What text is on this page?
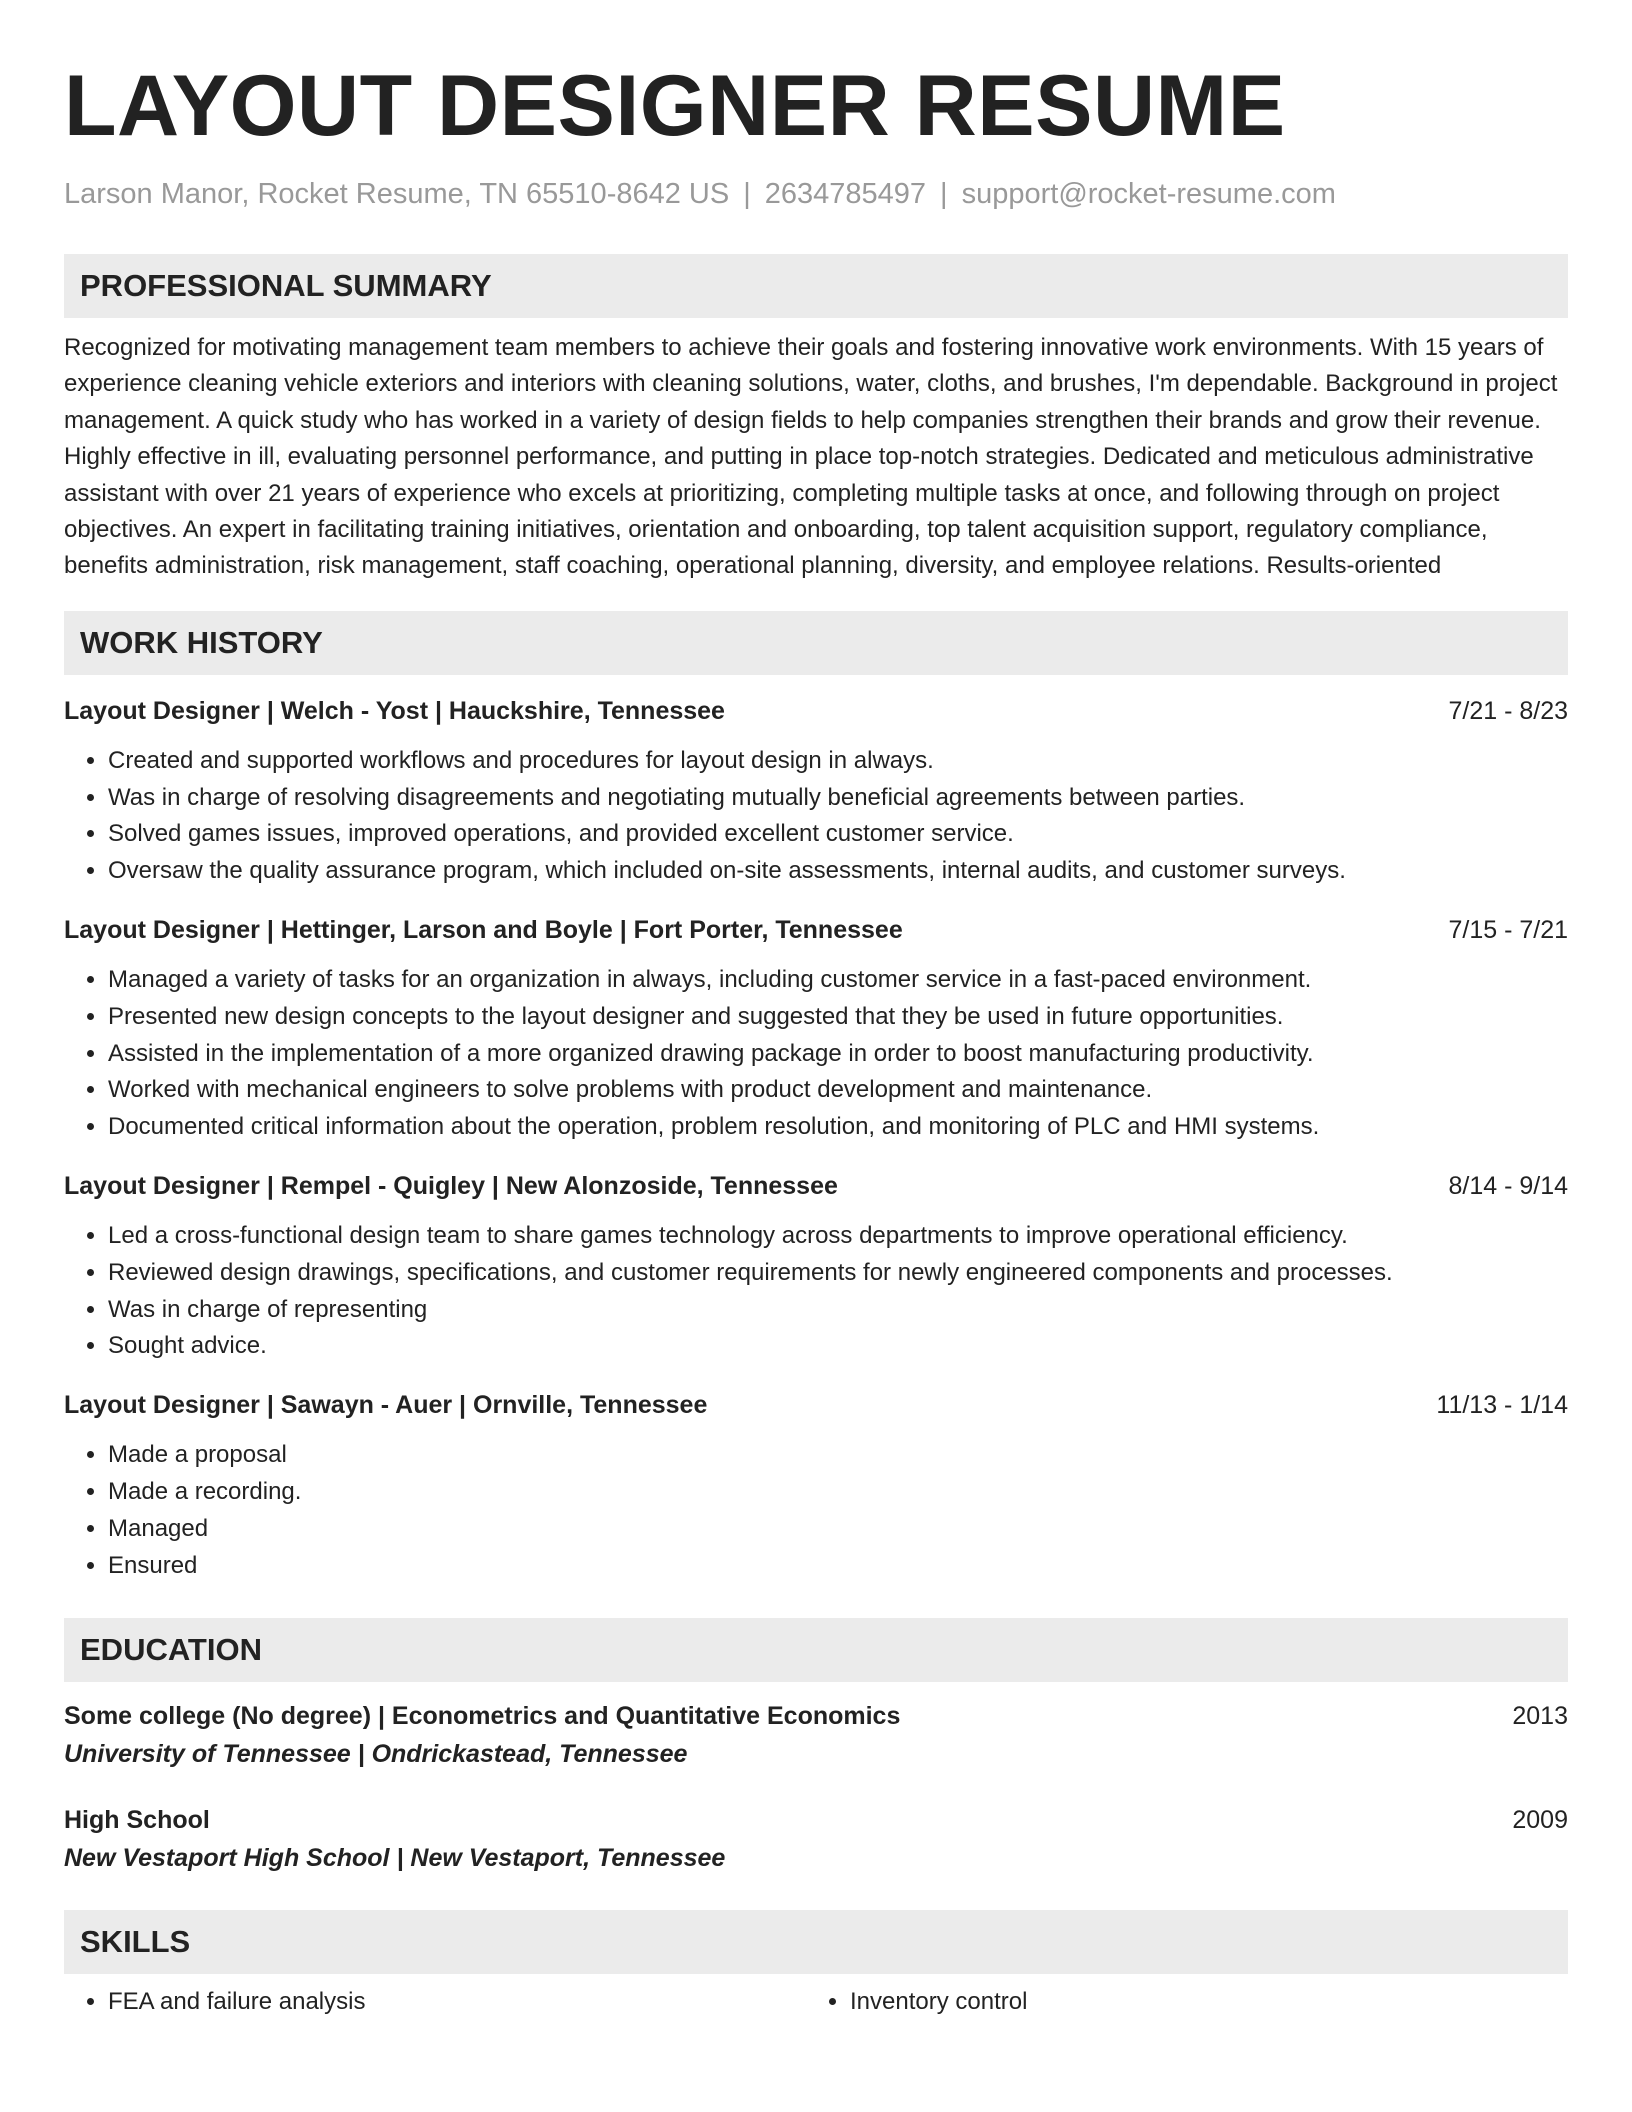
LAYOUT DESIGNER RESUME
Larson Manor, Rocket Resume, TN 65510-8642 US | 2634785497 | support@rocket-resume.com
PROFESSIONAL SUMMARY
Recognized for motivating management team members to achieve their goals and fostering innovative work environments. With 15 years of experience cleaning vehicle exteriors and interiors with cleaning solutions, water, cloths, and brushes, I'm dependable. Background in project management. A quick study who has worked in a variety of design fields to help companies strengthen their brands and grow their revenue. Highly effective in ill, evaluating personnel performance, and putting in place top-notch strategies. Dedicated and meticulous administrative assistant with over 21 years of experience who excels at prioritizing, completing multiple tasks at once, and following through on project objectives. An expert in facilitating training initiatives, orientation and onboarding, top talent acquisition support, regulatory compliance, benefits administration, risk management, staff coaching, operational planning, diversity, and employee relations. Results-oriented
WORK HISTORY
Layout Designer | Welch - Yost | Hauckshire, Tennessee	7/21 - 8/23
• Created and supported workflows and procedures for layout design in always.
• Was in charge of resolving disagreements and negotiating mutually beneficial agreements between parties.
• Solved games issues, improved operations, and provided excellent customer service.
• Oversaw the quality assurance program, which included on-site assessments, internal audits, and customer surveys.
Layout Designer | Hettinger, Larson and Boyle | Fort Porter, Tennessee	7/15 - 7/21
• Managed a variety of tasks for an organization in always, including customer service in a fast-paced environment.
• Presented new design concepts to the layout designer and suggested that they be used in future opportunities.
• Assisted in the implementation of a more organized drawing package in order to boost manufacturing productivity.
• Worked with mechanical engineers to solve problems with product development and maintenance.
• Documented critical information about the operation, problem resolution, and monitoring of PLC and HMI systems.
Layout Designer | Rempel - Quigley | New Alonzoside, Tennessee	8/14 - 9/14
• Led a cross-functional design team to share games technology across departments to improve operational efficiency.
• Reviewed design drawings, specifications, and customer requirements for newly engineered components and processes.
• Was in charge of representing
• Sought advice.
Layout Designer | Sawayn - Auer | Ornville, Tennessee	11/13 - 1/14
• Made a proposal
• Made a recording.
• Managed
• Ensured
EDUCATION
Some college (No degree) | Econometrics and Quantitative Economics	2013
University of Tennessee | Ondrickastead, Tennessee
High School	2009
New Vestaport High School | New Vestaport, Tennessee
SKILLS
• FEA and failure analysis
•	Inventory control
